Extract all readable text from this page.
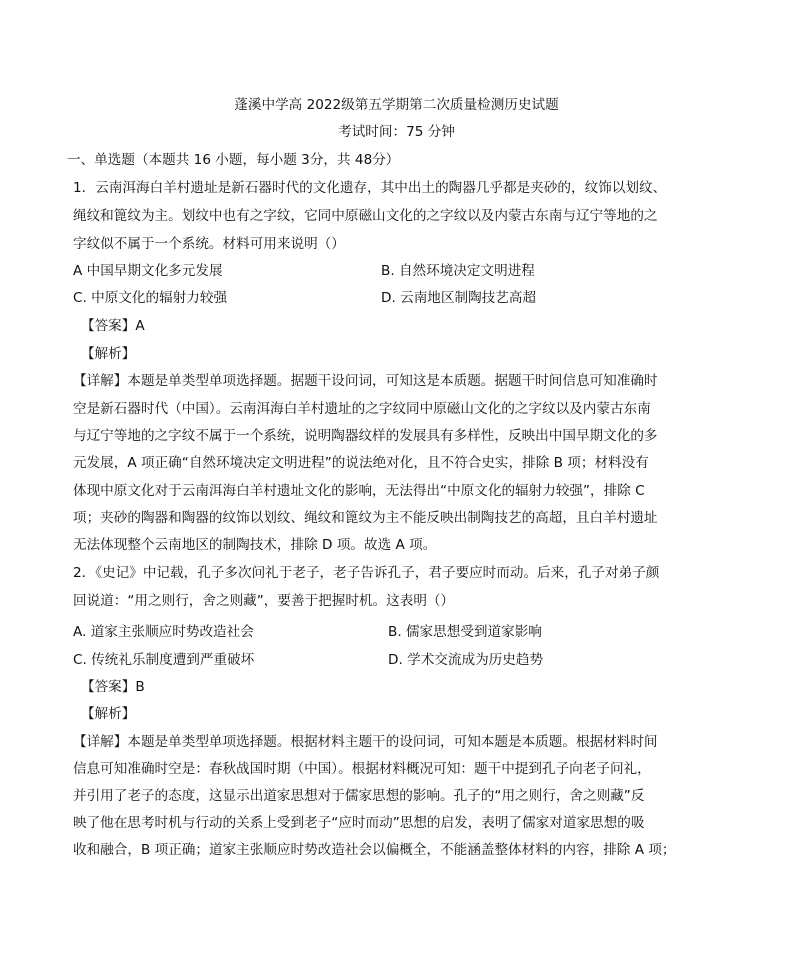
蓬溪中学高 2022级第五学期第二次质量检测历史试题
考试时间：75 分钟
一、单选题（本题共 16 小题，每小题 3分，共 48分）
1．云南洱海白羊村遗址是新石器时代的文化遗存，其中出土的陶器几乎都是夹砂的，纹饰以划纹、
绳纹和篦纹为主。划纹中也有之字纹，它同中原磁山文化的之字纹以及内蒙古东南与辽宁等地的之
字纹似不属于一个系统。材料可用来说明（）
A 中国早期文化多元发展	B. 自然环境决定文明进程
C. 中原文化的辐射力较强	D. 云南地区制陶技艺高超
【答案】A
【解析】
【详解】本题是单类型单项选择题。据题干设问词，可知这是本质题。据题干时间信息可知准确时
空是新石器时代（中国）。云南洱海白羊村遗址的之字纹同中原磁山文化的之字纹以及内蒙古东南
与辽宁等地的之字纹不属于一个系统，说明陶器纹样的发展具有多样性，反映出中国早期文化的多
元发展，A 项正确“自然环境决定文明进程”的说法绝对化，且不符合史实，排除 B 项；材料没有
体现中原文化对于云南洱海白羊村遗址文化的影响，无法得出“中原文化的辐射力较强”，排除 C
项；夹砂的陶器和陶器的纹饰以划纹、绳纹和篦纹为主不能反映出制陶技艺的高超，且白羊村遗址
无法体现整个云南地区的制陶技术，排除 D 项。故选 A 项。
2．《史记》中记载，孔子多次问礼于老子，老子告诉孔子，君子要应时而动。后来，孔子对弟子颜
回说道：“用之则行，舍之则藏”，要善于把握时机。这表明（）
A. 道家主张顺应时势改造社会	B. 儒家思想受到道家影响
C. 传统礼乐制度遭到严重破坏	D. 学术交流成为历史趋势
【答案】B
【解析】
【详解】本题是单类型单项选择题。根据材料主题干的设问词，可知本题是本质题。根据材料时间
信息可知准确时空是：春秋战国时期（中国）。根据材料概况可知：题干中提到孔子向老子问礼，
并引用了老子的态度，这显示出道家思想对于儒家思想的影响。孔子的“用之则行，舍之则藏”反
映了他在思考时机与行动的关系上受到老子“应时而动”思想的启发，表明了儒家对道家思想的吸
收和融合，B 项正确；道家主张顺应时势改造社会以偏概全，不能涵盖整体材料的内容，排除 A 项；
